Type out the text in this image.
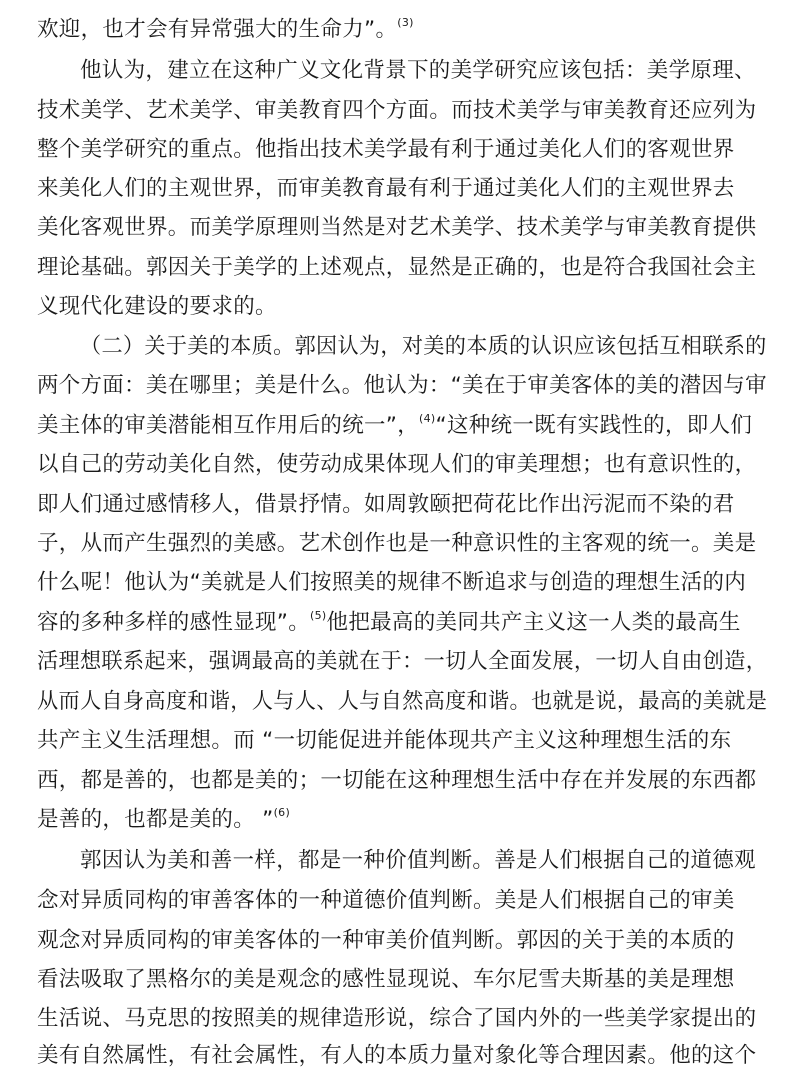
欢迎，也才会有异常强大的生命力”。$^{(3)}$
他认为，建立在这种广义文化背景下的美学研究应该包括：美学原理、
技术美学、艺术美学、审美教育四个方面。而技术美学与审美教育还应列为
整个美学研究的重点。他指出技术美学最有利于通过美化人们的客观世界
来美化人们的主观世界，而审美教育最有利于通过美化人们的主观世界去
美化客观世界。而美学原理则当然是对艺术美学、技术美学与审美教育提供
理论基础。郭因关于美学的上述观点，显然是正确的，也是符合我国社会主
义现代化建设的要求的。
（二）关于美的本质。郭因认为，对美的本质的认识应该包括互相联系的
两个方面：美在哪里；美是什么。他认为：“美在于审美客体的美的潜因与审
美主体的审美潜能相互作用后的统一”，$^{(4)}$“这种统一既有实践性的，即人们
以自己的劳动美化自然，使劳动成果体现人们的审美理想；也有意识性的，
即人们通过感情移人，借景抒情。如周敦颐把荷花比作出污泥而不染的君
子，从而产生强烈的美感。艺术创作也是一种意识性的主客观的统一。美是
什么呢！他认为“美就是人们按照美的规律不断追求与创造的理想生活的内
容的多种多样的感性显现”。$^{(5)}$他把最高的美同共产主义这一人类的最高生
活理想联系起来，强调最高的美就在于：一切人全面发展，一切人自由创造，
从而人自身高度和谐，人与人、人与自然高度和谐。也就是说，最高的美就是
共产主义生活理想。而 “一切能促进并能体现共产主义这种理想生活的东
西，都是善的，也都是美的；一切能在这种理想生活中存在并发展的东西都
是善的，也都是美的。 ”$^{(6)}$
郭因认为美和善一样，都是一种价值判断。善是人们根据自己的道德观
念对异质同构的审善客体的一种道德价值判断。美是人们根据自己的审美
观念对异质同构的审美客体的一种审美价值判断。郭因的关于美的本质的
看法吸取了黑格尔的美是观念的感性显现说、车尔尼雪夫斯基的美是理想
生活说、马克思的按照美的规律造形说，综合了国内外的一些美学家提出的
美有自然属性，有社会属性，有人的本质力量对象化等合理因素。他的这个
